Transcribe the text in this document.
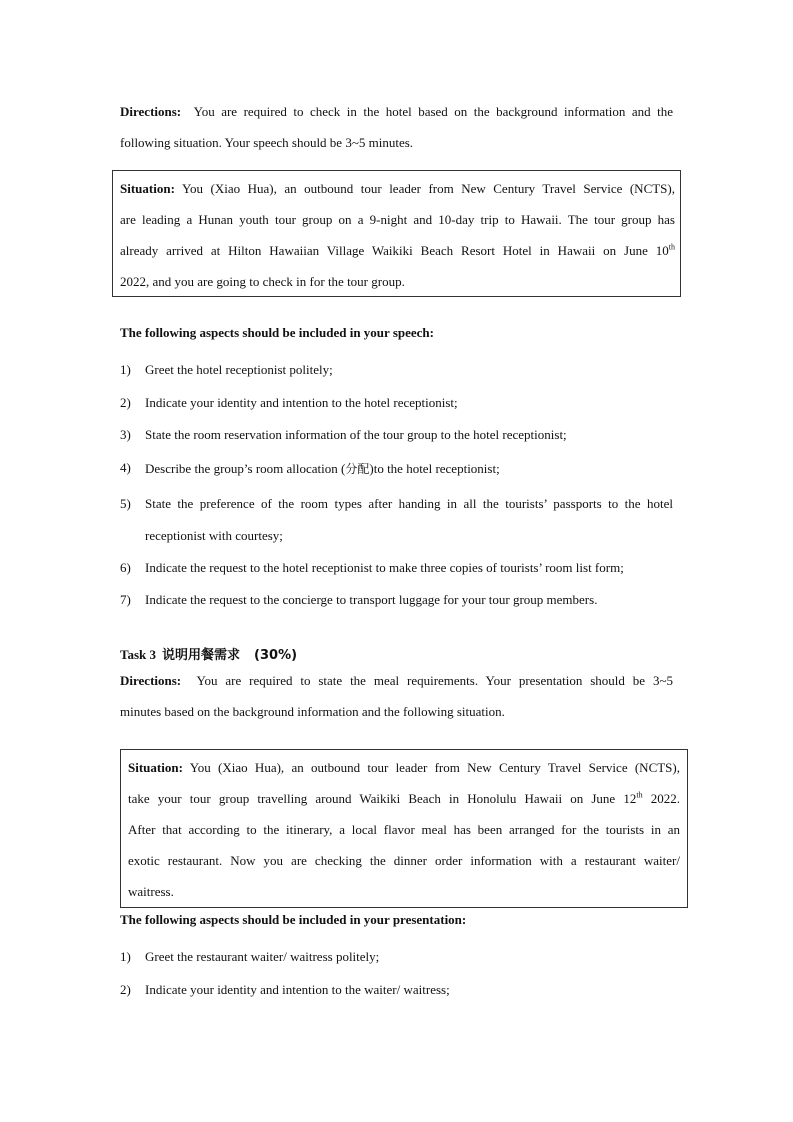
Directions: You are required to check in the hotel based on the background information and the

following situation. Your speech should be 3~5 minutes.

Situation: You (Xiao Hua), an outbound tour leader from New Century Travel Service (NCTS),
are leading a Hunan youth tour group on a 9-night and 10-day trip to Hawaii. The tour group has
already arrived at Hilton Hawaiian Village Waikiki Beach Resort Hotel in Hawaii on June 10th
2022, and you are going to check in for the tour group.
The following aspects should be included in your speech:
1) Greet the hotel receptionist politely;
2) Indicate your identity and intention to the hotel receptionist;
3) State the room reservation information of the tour group to the hotel receptionist;
4) Describe the group’s room allocation (分配)to the hotel receptionist;
5) State the preference of the room types after handing in all the tourists’ passports to the hotel
receptionist with courtesy;
6) Indicate the request to the hotel receptionist to make three copies of tourists’ room list form;
7) Indicate the request to the concierge to transport luggage for your tour group members.
Task 3 说明用餐需求 (30%)

Directions: You are required to state the meal requirements. Your presentation should be 3~5

minutes based on the background information and the following situation.

Situation: You (Xiao Hua), an outbound tour leader from New Century Travel Service (NCTS),
take your tour group travelling around Waikiki Beach in Honolulu Hawaii on June 12th 2022.
After that according to the itinerary, a local flavor meal has been arranged for the tourists in an
exotic restaurant. Now you are checking the dinner order information with a restaurant waiter/
waitress.
The following aspects should be included in your presentation:
1) Greet the restaurant waiter/ waitress politely;
2) Indicate your identity and intention to the waiter/ waitress;
